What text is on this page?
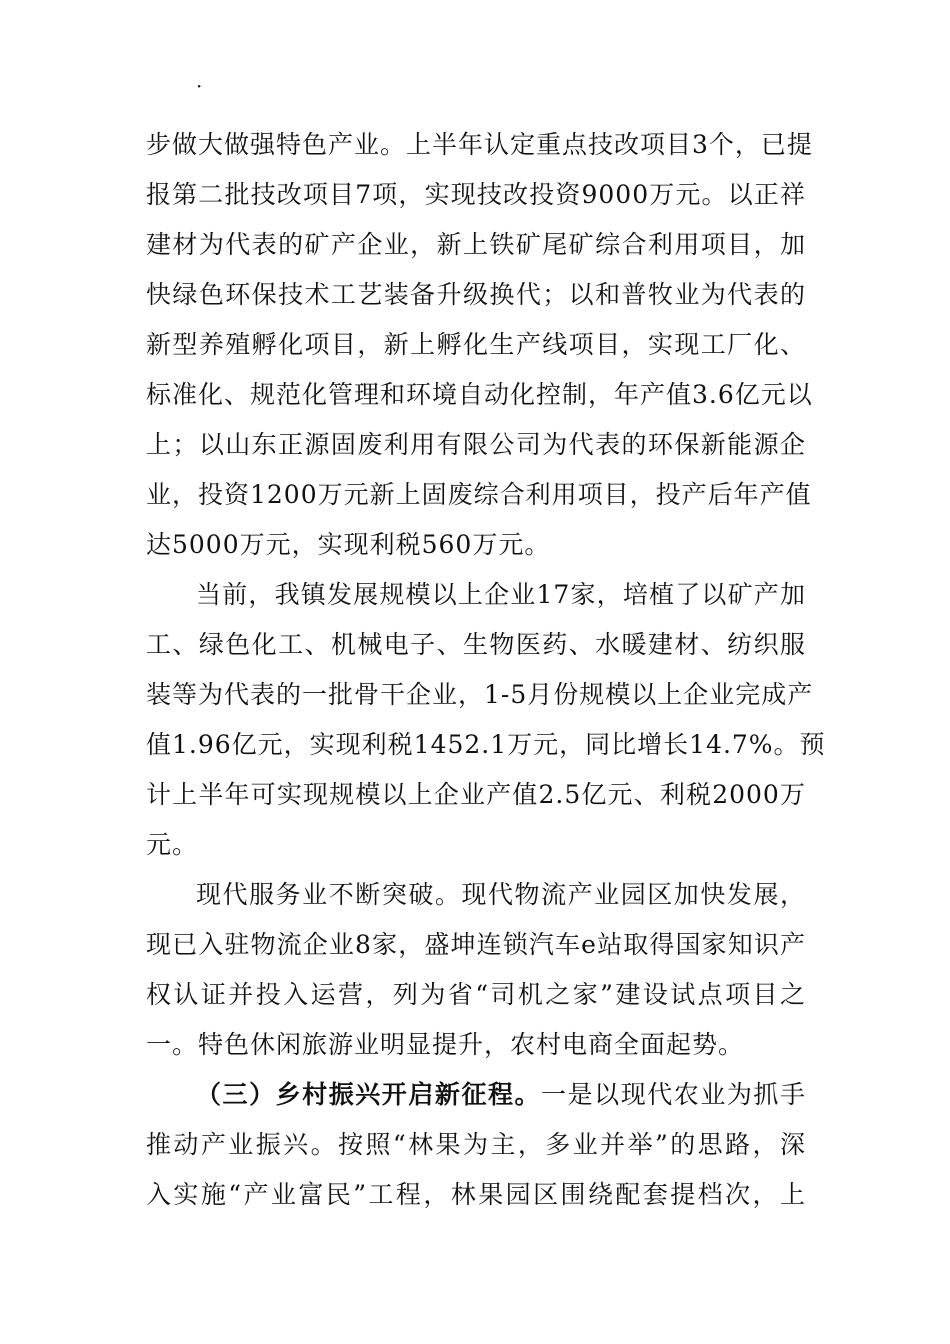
·
步做大做强特色产业。上半年认定重点技改项目3个，已提
报第二批技改项目7项，实现技改投资9000万元。以正祥
建材为代表的矿产企业，新上铁矿尾矿综合利用项目，加
快绿色环保技术工艺装备升级换代；以和普牧业为代表的
新型养殖孵化项目，新上孵化生产线项目，实现工厂化、
标准化、规范化管理和环境自动化控制，年产值3.6亿元以
上；以山东正源固废利用有限公司为代表的环保新能源企
业，投资1200万元新上固废综合利用项目，投产后年产值
达5000万元，实现利税560万元。
当前，我镇发展规模以上企业17家，培植了以矿产加
工、绿色化工、机械电子、生物医药、水暖建材、纺织服
装等为代表的一批骨干企业，1-5月份规模以上企业完成产
值1.96亿元，实现利税1452.1万元，同比增长14.7%。预
计上半年可实现规模以上企业产值2.5亿元、利税2000万
元。
现代服务业不断突破。现代物流产业园区加快发展，
现已入驻物流企业8家，盛坤连锁汽车e站取得国家知识产
权认证并投入运营，列为省“司机之家”建设试点项目之
一。特色休闲旅游业明显提升，农村电商全面起势。
（三）乡村振兴开启新征程。一是以现代农业为抓手
推动产业振兴。按照“林果为主，多业并举”的思路，深
入实施“产业富民”工程，林果园区围绕配套提档次，上
